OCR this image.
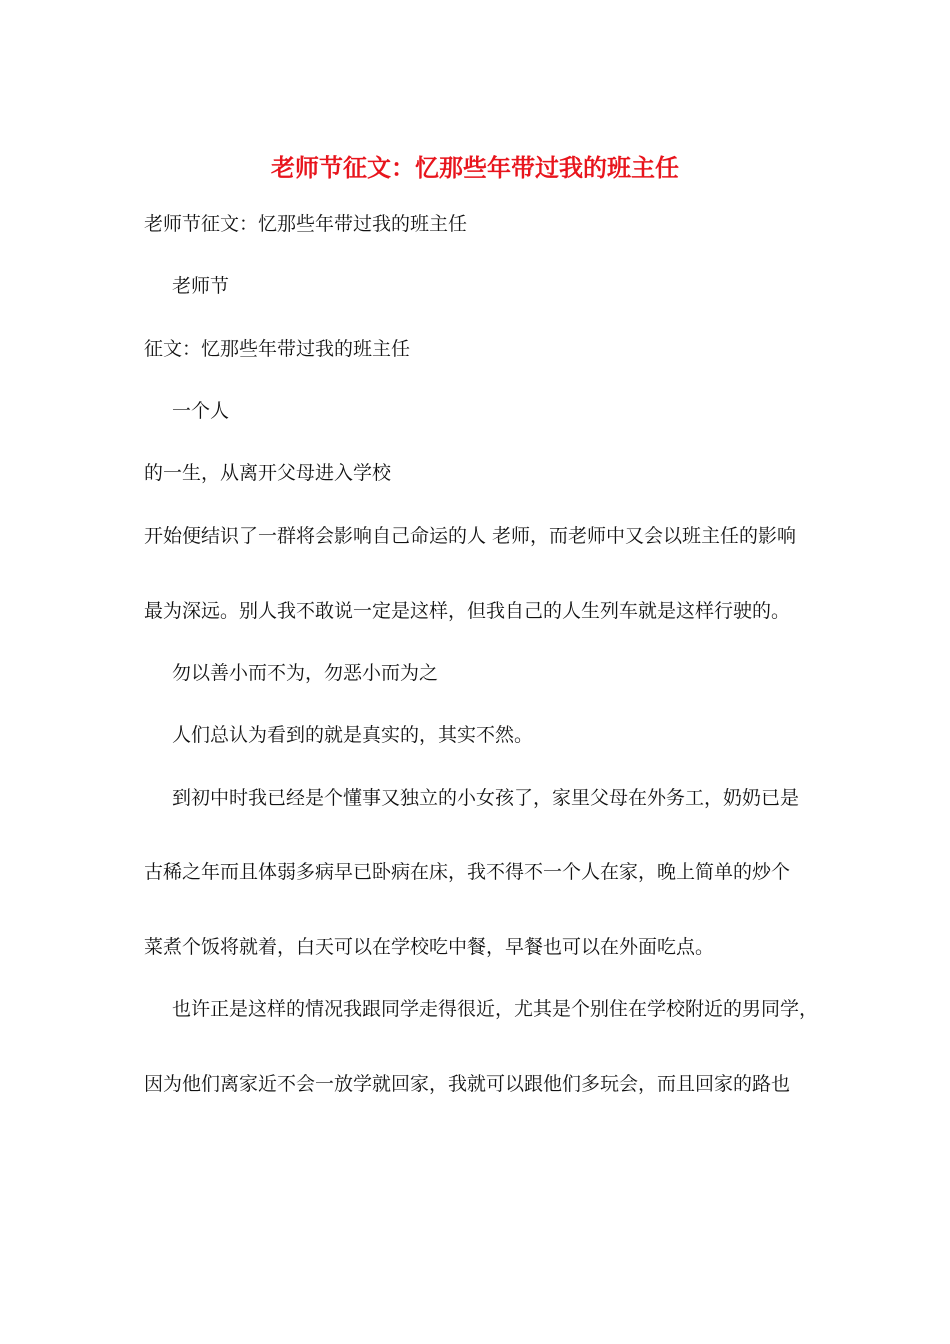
老师节征文：忆那些年带过我的班主任

老师节征文：忆那些年带过我的班主任

老师节

征文：忆那些年带过我的班主任

一个人

的一生，从离开父母进入学校

开始便结识了一群将会影响自己命运的人 老师，而老师中又会以班主任的影响

最为深远。别人我不敢说一定是这样，但我自己的人生列车就是这样行驶的。

勿以善小而不为，勿恶小而为之

人们总认为看到的就是真实的，其实不然。

到初中时我已经是个懂事又独立的小女孩了，家里父母在外务工，奶奶已是

古稀之年而且体弱多病早已卧病在床，我不得不一个人在家，晚上简单的炒个

菜煮个饭将就着，白天可以在学校吃中餐，早餐也可以在外面吃点。

也许正是这样的情况我跟同学走得很近，尤其是个别住在学校附近的男同学，

因为他们离家近不会一放学就回家，我就可以跟他们多玩会，而且回家的路也
